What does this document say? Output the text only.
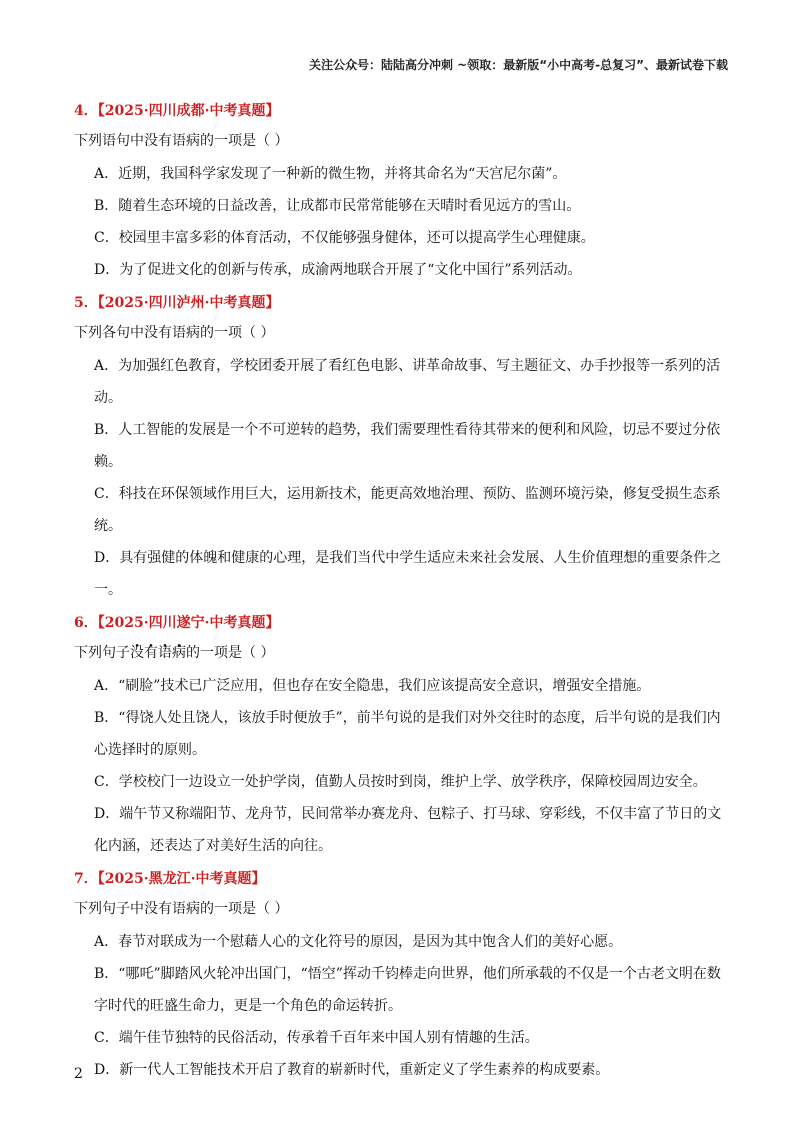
关注公众号：陆陆高分冲刺 ~领取：最新版“小中高考-总复习”、最新试卷下载
4．【2025·四川成都·中考真题】
下列语句中没有语病的一项是（ ）
A．近期，我国科学家发现了一种新的微生物，并将其命名为“天宫尼尔菌”。
B．随着生态环境的日益改善，让成都市民常常能够在天晴时看见远方的雪山。
C．校园里丰富多彩的体育活动，不仅能够强身健体，还可以提高学生心理健康。
D．为了促进文化的创新与传承，成渝两地联合开展了“文化中国行”系列活动。
5．【2025·四川泸州·中考真题】
下列各句中没有语病的一项（ ）
A．为加强红色教育，学校团委开展了看红色电影、讲革命故事、写主题征文、办手抄报等一系列的活动。
B．人工智能的发展是一个不可逆转的趋势，我们需要理性看待其带来的便利和风险，切忌不要过分依赖。
C．科技在环保领域作用巨大，运用新技术，能更高效地治理、预防、监测环境污染，修复受损生态系统。
D．具有强健的体魄和健康的心理，是我们当代中学生适应未来社会发展、人生价值理想的重要条件之一。
6．【2025·四川遂宁·中考真题】
下列句子没有语病的一项是（ ）
A．“刷脸”技术已广泛应用，但也存在安全隐患，我们应该提高安全意识，增强安全措施。
B．“得饶人处且饶人，该放手时便放手”，前半句说的是我们对外交往时的态度，后半句说的是我们内心选择时的原则。
C．学校校门一边设立一处护学岗，值勤人员按时到岗，维护上学、放学秩序，保障校园周边安全。
D．端午节又称端阳节、龙舟节，民间常举办赛龙舟、包粽子、打马球、穿彩线，不仅丰富了节日的文化内涵，还表达了对美好生活的向往。
7．【2025·黑龙江·中考真题】
下列句子中没有语病的一项是（ ）
A．春节对联成为一个慰藉人心的文化符号的原因，是因为其中饱含人们的美好心愿。
B．“哪吒”脚踏风火轮冲出国门，“悟空”挥动千钧棒走向世界，他们所承载的不仅是一个古老文明在数字时代的旺盛生命力，更是一个角色的命运转折。
C．端午佳节独特的民俗活动，传承着千百年来中国人别有情趣的生活。
D．新一代人工智能技术开启了教育的崭新时代，重新定义了学生素养的构成要素。
2
